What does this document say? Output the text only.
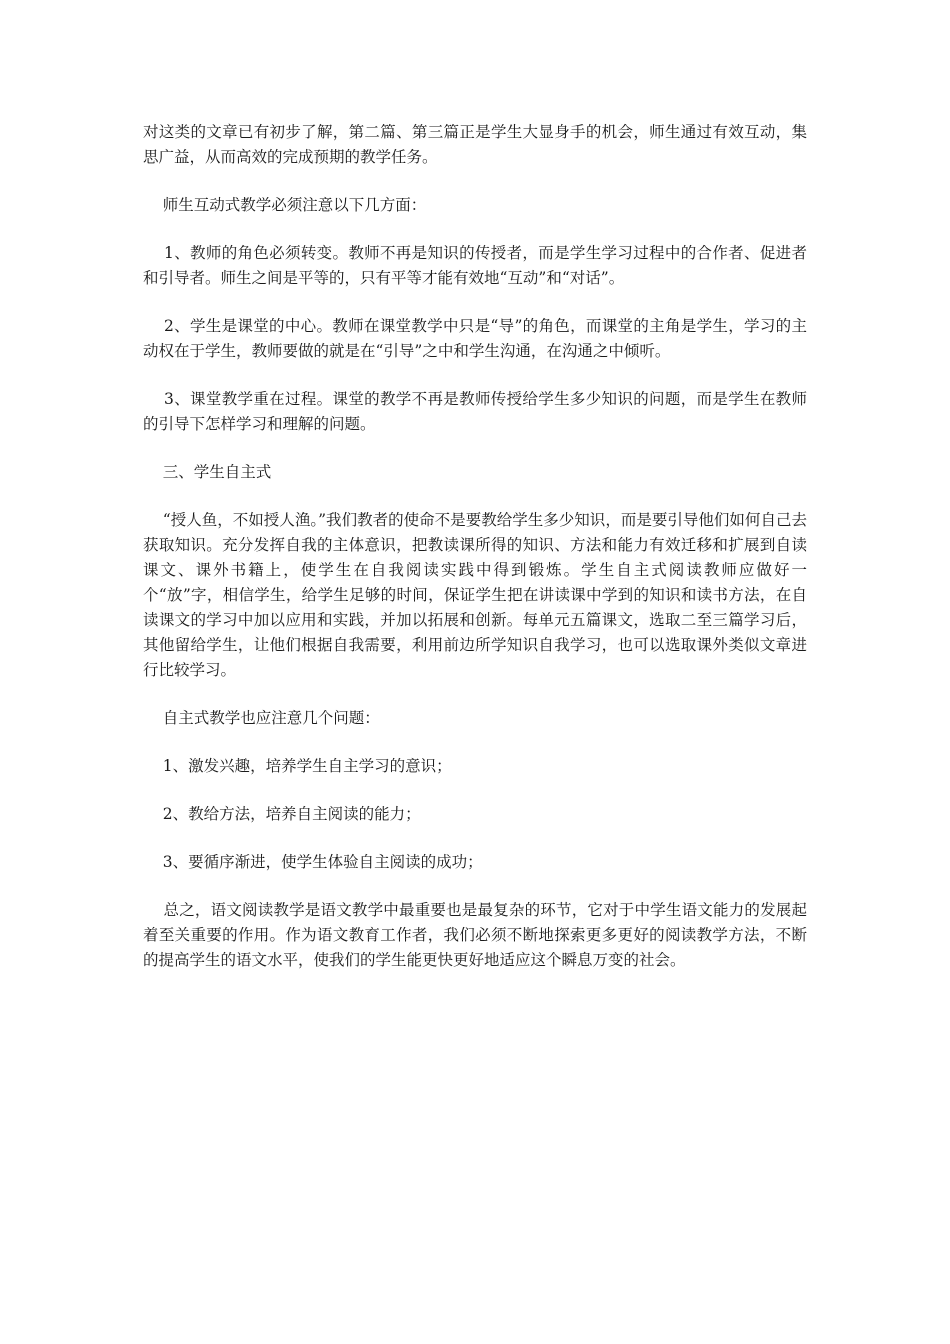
对这类的文章已有初步了解，第二篇、第三篇正是学生大显身手的机会，师生通过有效互动，集思广益，从而高效的完成预期的教学任务。

师生互动式教学必须注意以下几方面：

1、教师的角色必须转变。教师不再是知识的传授者，而是学生学习过程中的合作者、促进者和引导者。师生之间是平等的，只有平等才能有效地“互动”和“对话”。

2、学生是课堂的中心。教师在课堂教学中只是“导”的角色，而课堂的主角是学生，学习的主动权在于学生，教师要做的就是在“引导”之中和学生沟通，在沟通之中倾听。

3、课堂教学重在过程。课堂的教学不再是教师传授给学生多少知识的问题，而是学生在教师的引导下怎样学习和理解的问题。

三、学生自主式

“授人鱼，不如授人渔。”我们教者的使命不是要教给学生多少知识，而是要引导他们如何自己去获取知识。充分发挥自我的主体意识，把教读课所得的知识、方法和能力有效迁移和扩展到自读课文、课外书籍上，使学生在自我阅读实践中得到锻炼。学生自主式阅读教师应做好一个“放”字，相信学生，给学生足够的时间，保证学生把在讲读课中学到的知识和读书方法，在自读课文的学习中加以应用和实践，并加以拓展和创新。每单元五篇课文，选取二至三篇学习后，其他留给学生，让他们根据自我需要，利用前边所学知识自我学习，也可以选取课外类似文章进行比较学习。

自主式教学也应注意几个问题：

1、激发兴趣，培养学生自主学习的意识；

2、教给方法，培养自主阅读的能力；

3、要循序渐进，使学生体验自主阅读的成功；

总之，语文阅读教学是语文教学中最重要也是最复杂的环节，它对于中学生语文能力的发展起着至关重要的作用。作为语文教育工作者，我们必须不断地探索更多更好的阅读教学方法，不断的提高学生的语文水平，使我们的学生能更快更好地适应这个瞬息万变的社会。
